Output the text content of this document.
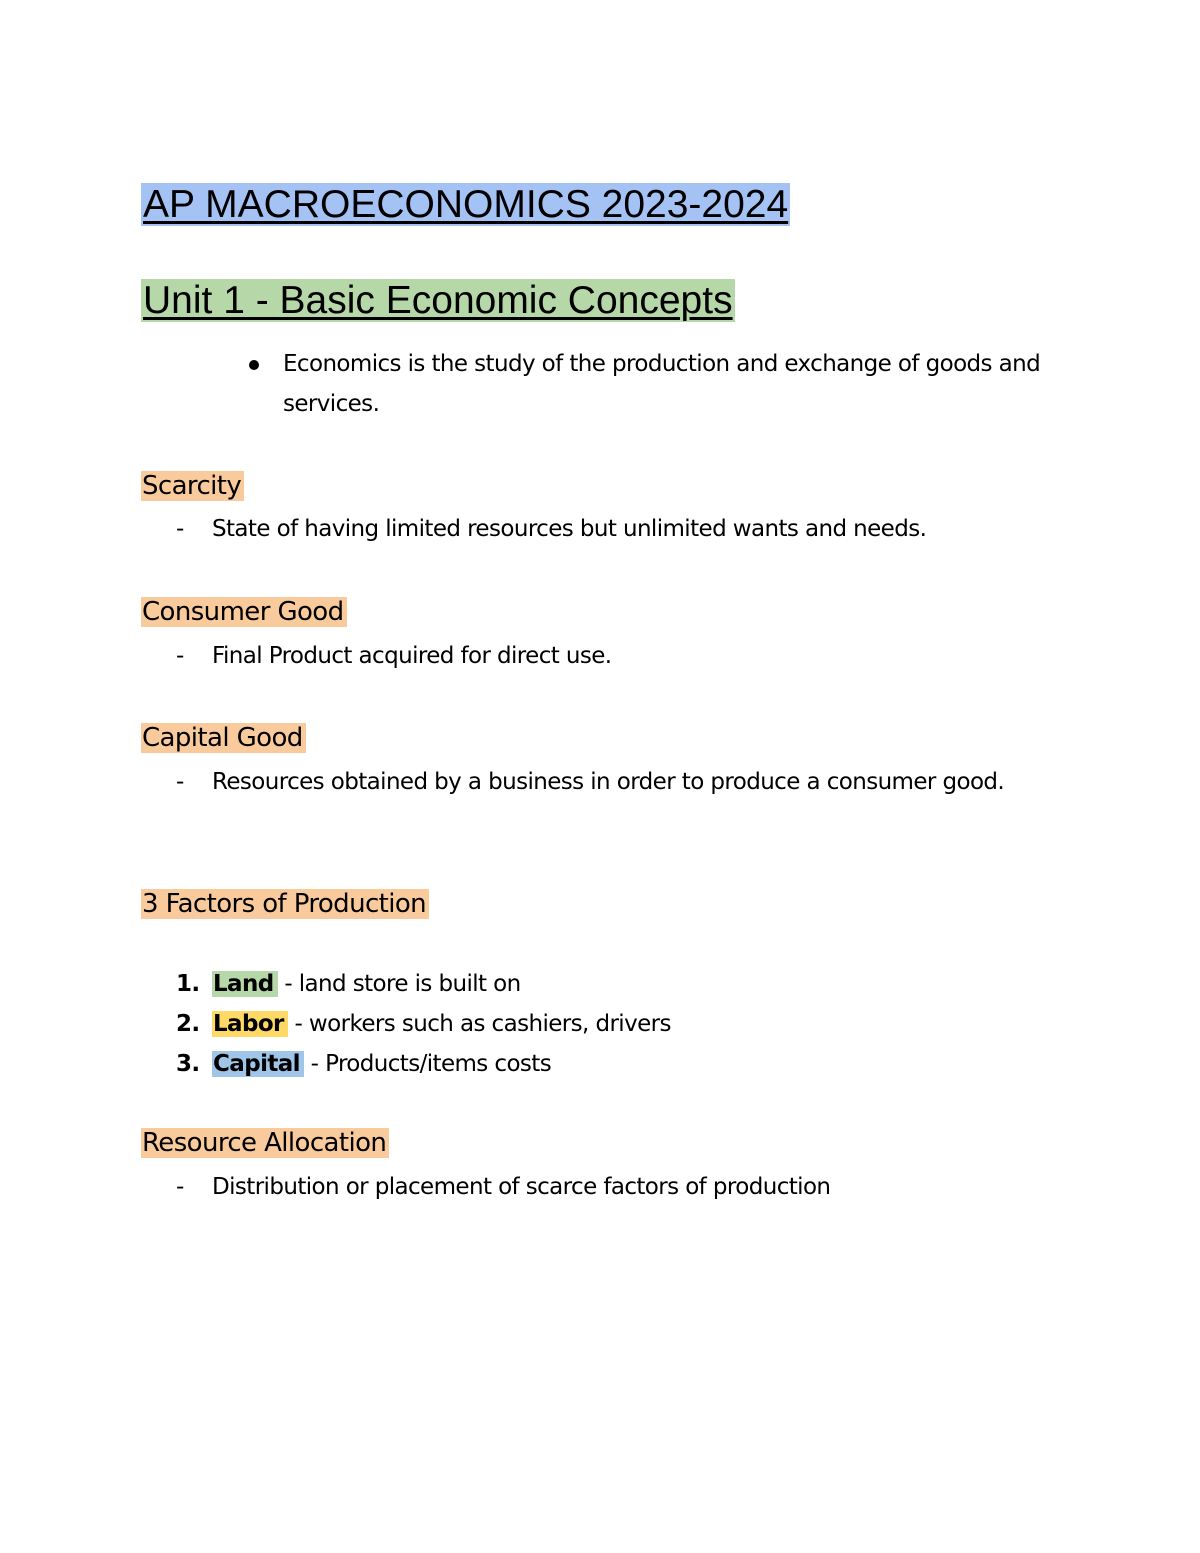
AP MACROECONOMICS 2023-2024
Unit 1 - Basic Economic Concepts
Economics is the study of the production and exchange of goods and services.
Scarcity
- State of having limited resources but unlimited wants and needs.
Consumer Good
- Final Product acquired for direct use.
Capital Good
- Resources obtained by a business in order to produce a consumer good.
3 Factors of Production
1. Land - land store is built on
2. Labor - workers such as cashiers, drivers
3. Capital - Products/items costs
Resource Allocation
- Distribution or placement of scarce factors of production
